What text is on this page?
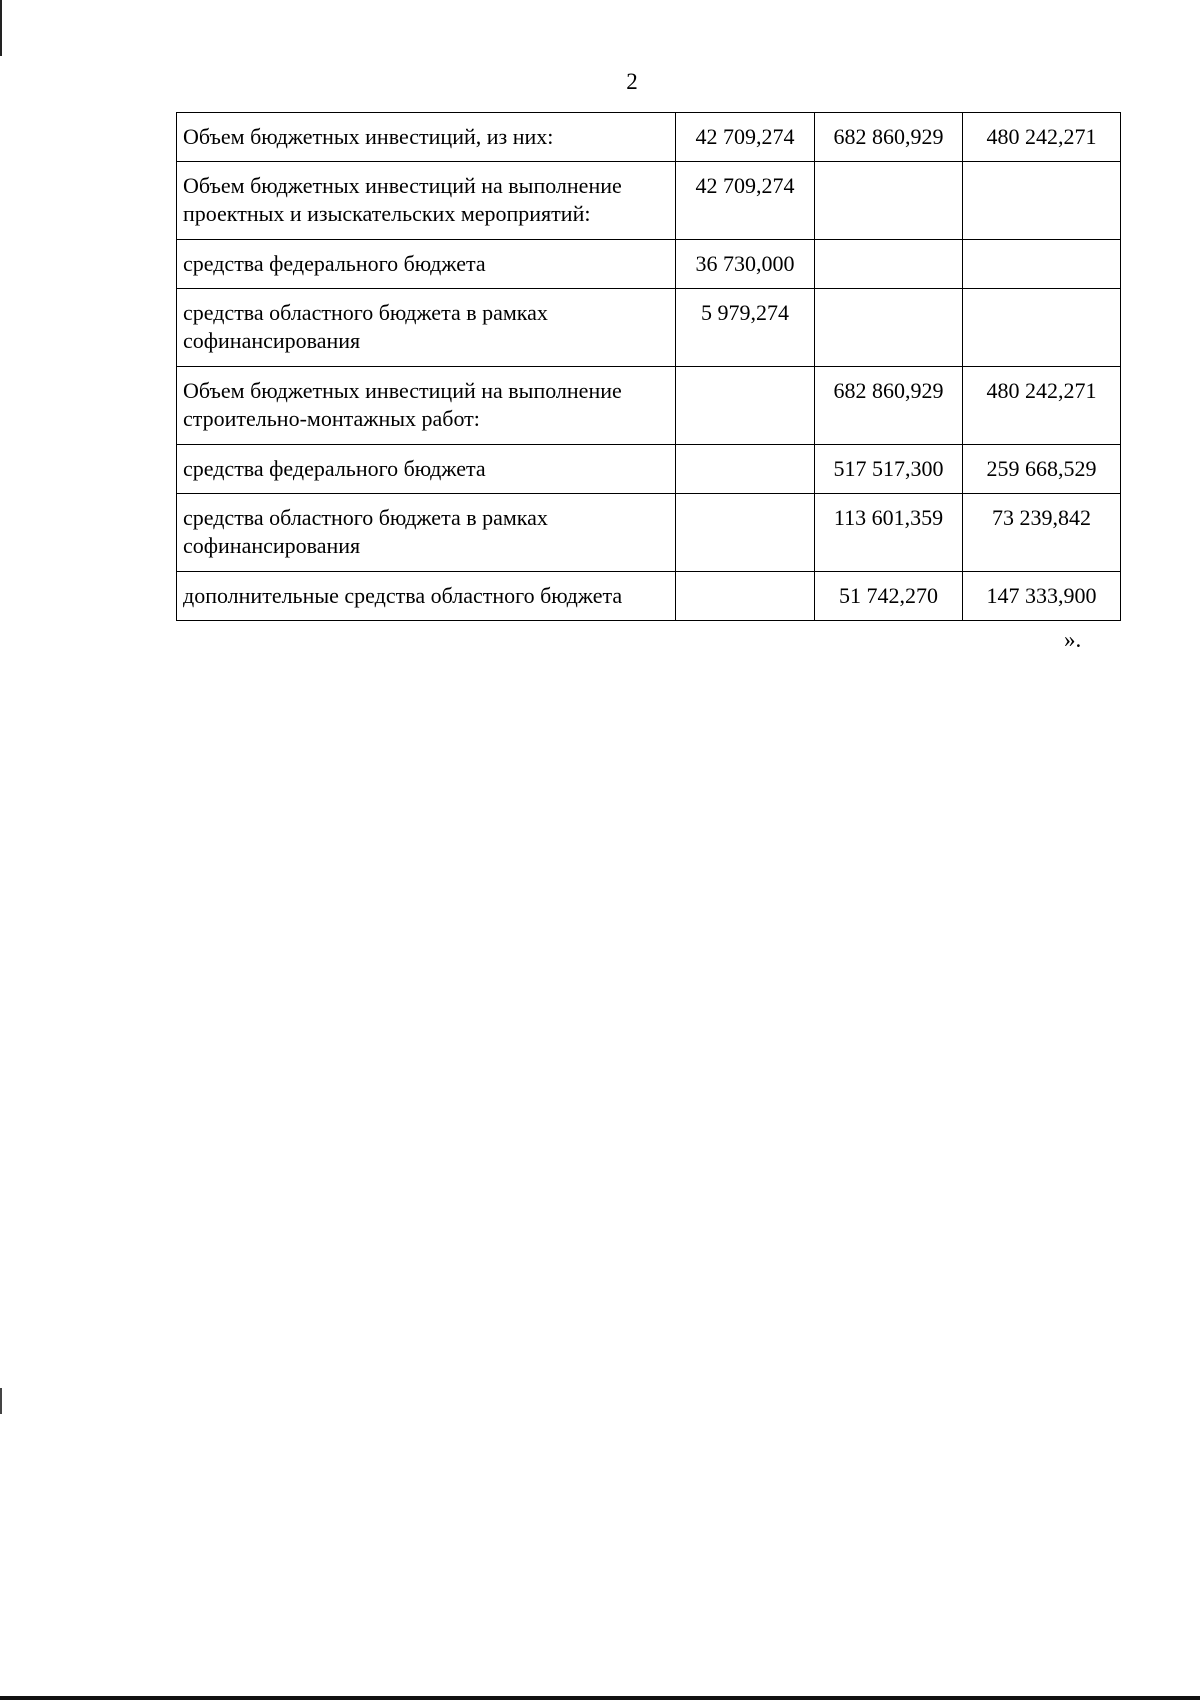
2
Объем бюджетных инвестиций, из них:	42 709,274	682 860,929	480 242,271
Объем бюджетных инвестиций на выполнение проектных и изыскательских мероприятий:	42 709,274		
средства федерального бюджета	36 730,000		
средства областного бюджета в рамках софинансирования	5 979,274		
Объем бюджетных инвестиций на выполнение строительно-монтажных работ:		682 860,929	480 242,271
средства федерального бюджета		517 517,300	259 668,529
средства областного бюджета в рамках софинансирования		113 601,359	73 239,842
дополнительные средства областного бюджета		51 742,270	147 333,900
».
